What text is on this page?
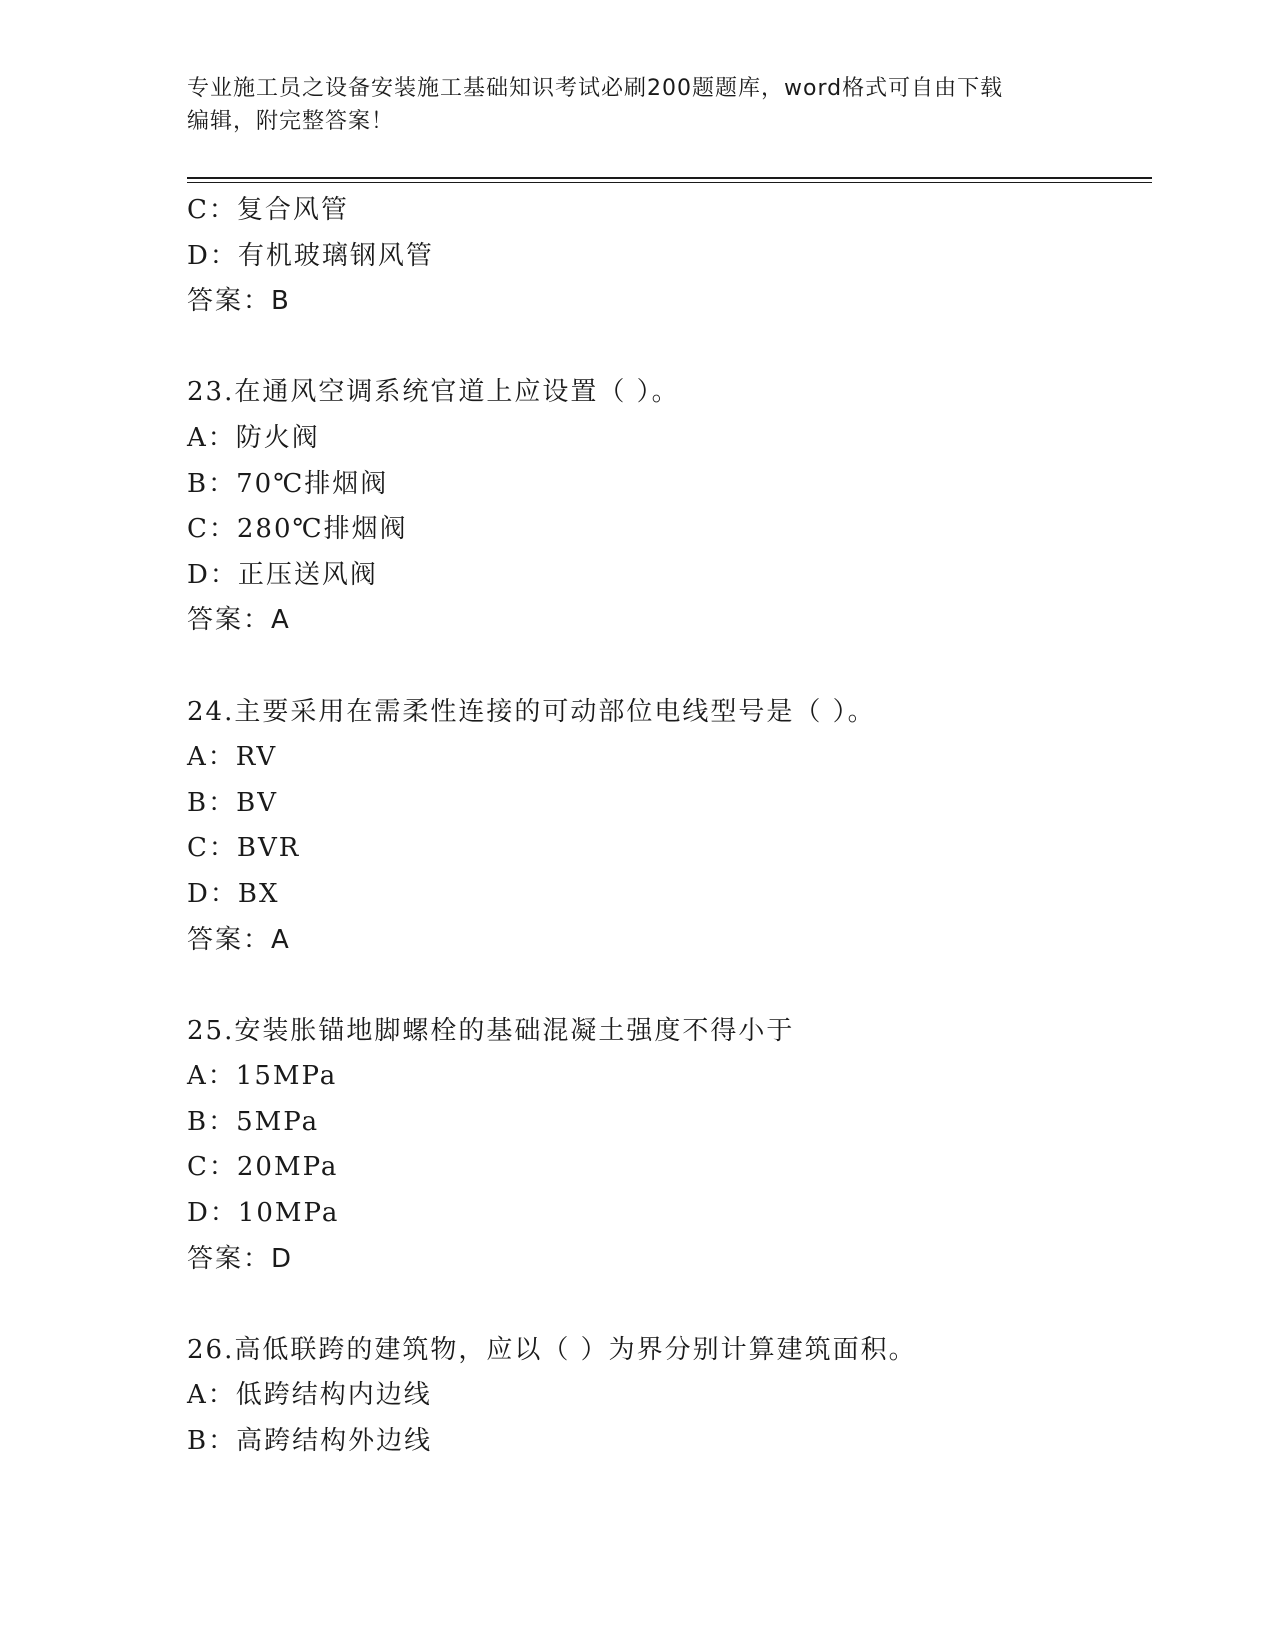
专业施工员之设备安装施工基础知识考试必刷200题题库，word格式可自由下载
编辑，附完整答案！
C：复合风管
D：有机玻璃钢风管
答案：B
23.在通风空调系统官道上应设置（ ）。
A：防火阀
B：70℃排烟阀
C：280℃排烟阀
D：正压送风阀
答案：A
24.主要采用在需柔性连接的可动部位电线型号是（ ）。
A：RV
B：BV
C：BVR
D：BX
答案：A
25.安装胀锚地脚螺栓的基础混凝土强度不得小于
A：15MPa
B：5MPa
C：20MPa
D：10MPa
答案：D
26.高低联跨的建筑物，应以（ ）为界分别计算建筑面积。
A：低跨结构内边线
B：高跨结构外边线
